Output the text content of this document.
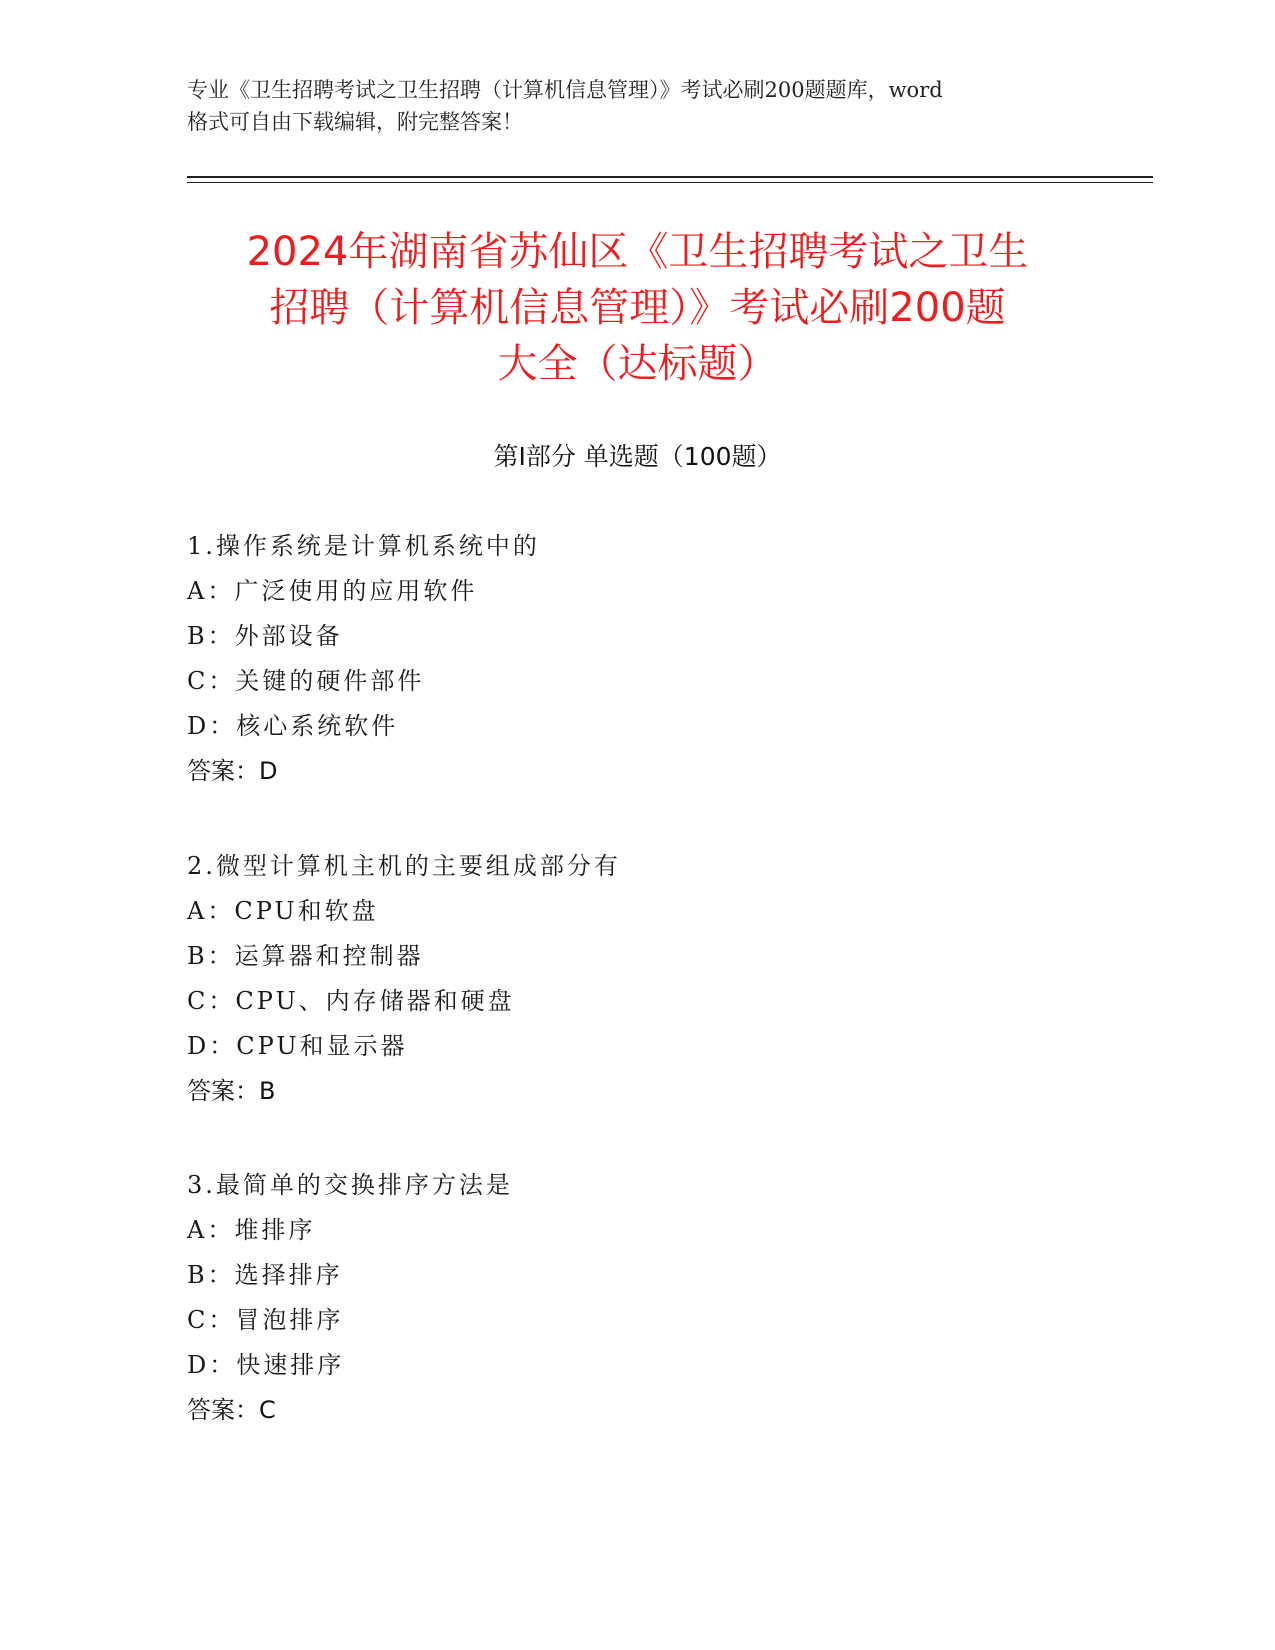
专业《卫生招聘考试之卫生招聘（计算机信息管理）》考试必刷200题题库，word
格式可自由下载编辑，附完整答案！
2024年湖南省苏仙区《卫生招聘考试之卫生
招聘（计算机信息管理）》考试必刷200题
大全（达标题）
第Ⅰ部分 单选题（100题）
1.操作系统是计算机系统中的
A：广泛使用的应用软件
B：外部设备
C：关键的硬件部件
D：核心系统软件
答案：D
2.微型计算机主机的主要组成部分有
A：CPU和软盘
B：运算器和控制器
C：CPU、内存储器和硬盘
D：CPU和显示器
答案：B
3.最简单的交换排序方法是
A：堆排序
B：选择排序
C：冒泡排序
D：快速排序
答案：C
